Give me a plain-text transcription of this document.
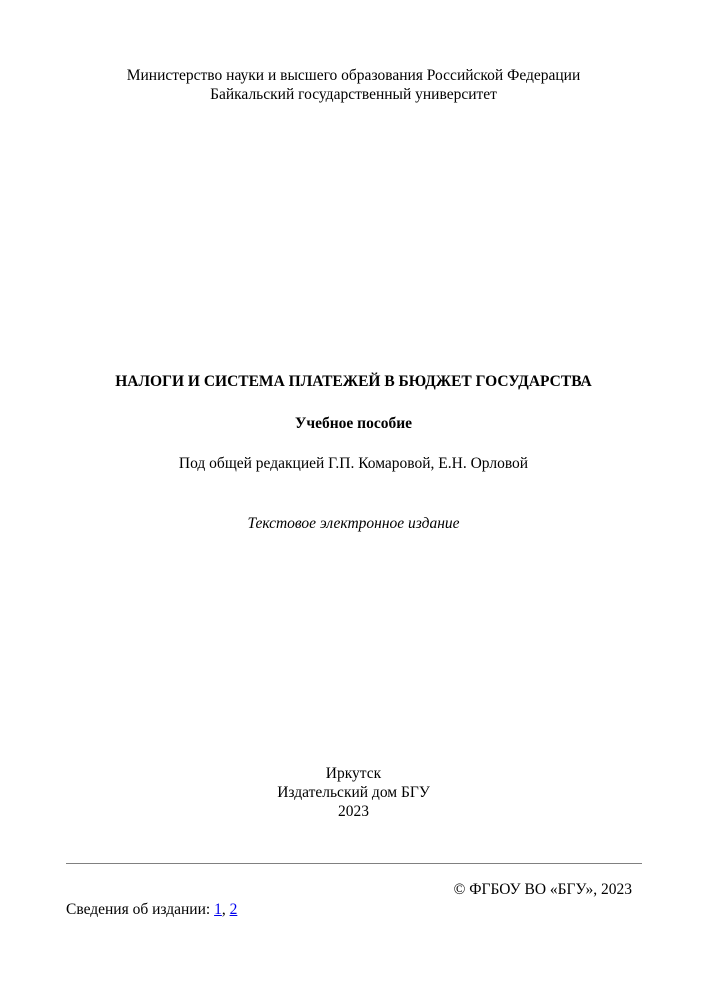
Министерство науки и высшего образования Российской Федерации
Байкальский государственный университет
НАЛОГИ И СИСТЕМА ПЛАТЕЖЕЙ В БЮДЖЕТ ГОСУДАРСТВА
Учебное пособие
Под общей редакцией Г.П. Комаровой, Е.Н. Орловой
Текстовое электронное издание
Иркутск
Издательский дом БГУ
2023
© ФГБОУ ВО «БГУ», 2023
Сведения об издании: 1, 2
